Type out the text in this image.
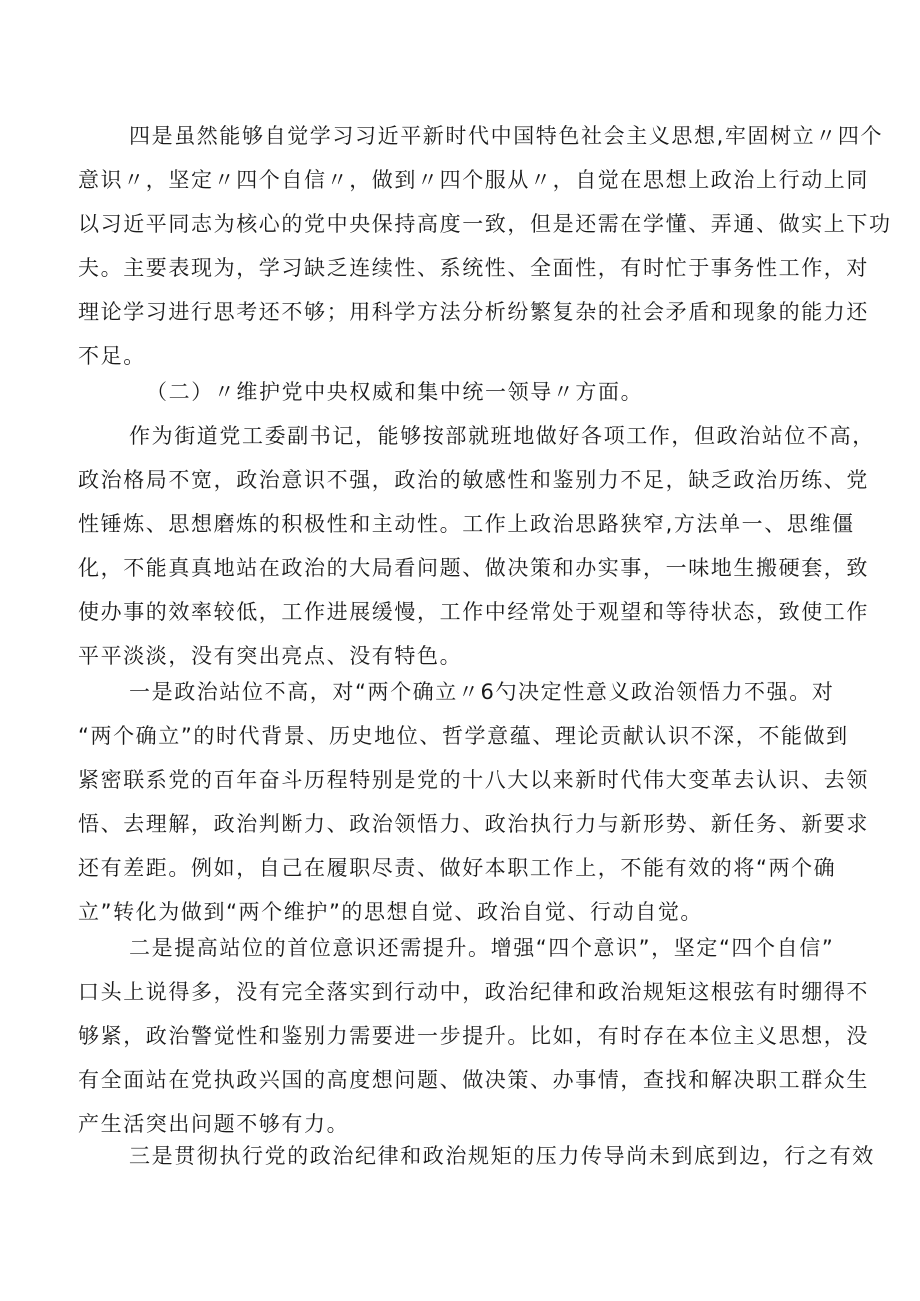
四是虽然能够自觉学习习近平新时代中国特色社会主义思想,牢固树立〃四个
意识〃，坚定〃四个自信〃，做到〃四个服从〃，自觉在思想上政治上行动上同
以习近平同志为核心的党中央保持高度一致，但是还需在学懂、弄通、做实上下功
夫。主要表现为，学习缺乏连续性、系统性、全面性，有时忙于事务性工作，对
理论学习进行思考还不够；用科学方法分析纷繁复杂的社会矛盾和现象的能力还
不足。
（二）〃维护党中央权威和集中统一领导〃方面。
作为街道党工委副书记，能够按部就班地做好各项工作，但政治站位不高，
政治格局不宽，政治意识不强，政治的敏感性和鉴别力不足，缺乏政治历练、党
性锤炼、思想磨炼的积极性和主动性。工作上政治思路狭窄,方法单一、思维僵
化，不能真真地站在政治的大局看问题、做决策和办实事，一味地生搬硬套，致
使办事的效率较低，工作进展缓慢，工作中经常处于观望和等待状态，致使工作
平平淡淡，没有突出亮点、没有特色。
一是政治站位不高，对“两个确立〃6勺决定性意义政治领悟力不强。对
“两个确立”的时代背景、历史地位、哲学意蕴、理论贡献认识不深，不能做到
紧密联系党的百年奋斗历程特别是党的十八大以来新时代伟大变革去认识、去领
悟、去理解，政治判断力、政治领悟力、政治执行力与新形势、新任务、新要求
还有差距。例如，自己在履职尽责、做好本职工作上，不能有效的将“两个确
立”转化为做到“两个维护”的思想自觉、政治自觉、行动自觉。
二是提高站位的首位意识还需提升。增强“四个意识”，坚定“四个自信”
口头上说得多，没有完全落实到行动中，政治纪律和政治规矩这根弦有时绷得不
够紧，政治警觉性和鉴别力需要进一步提升。比如，有时存在本位主义思想，没
有全面站在党执政兴国的高度想问题、做决策、办事情，查找和解决职工群众生
产生活突出问题不够有力。
三是贯彻执行党的政治纪律和政治规矩的压力传导尚未到底到边，行之有效
